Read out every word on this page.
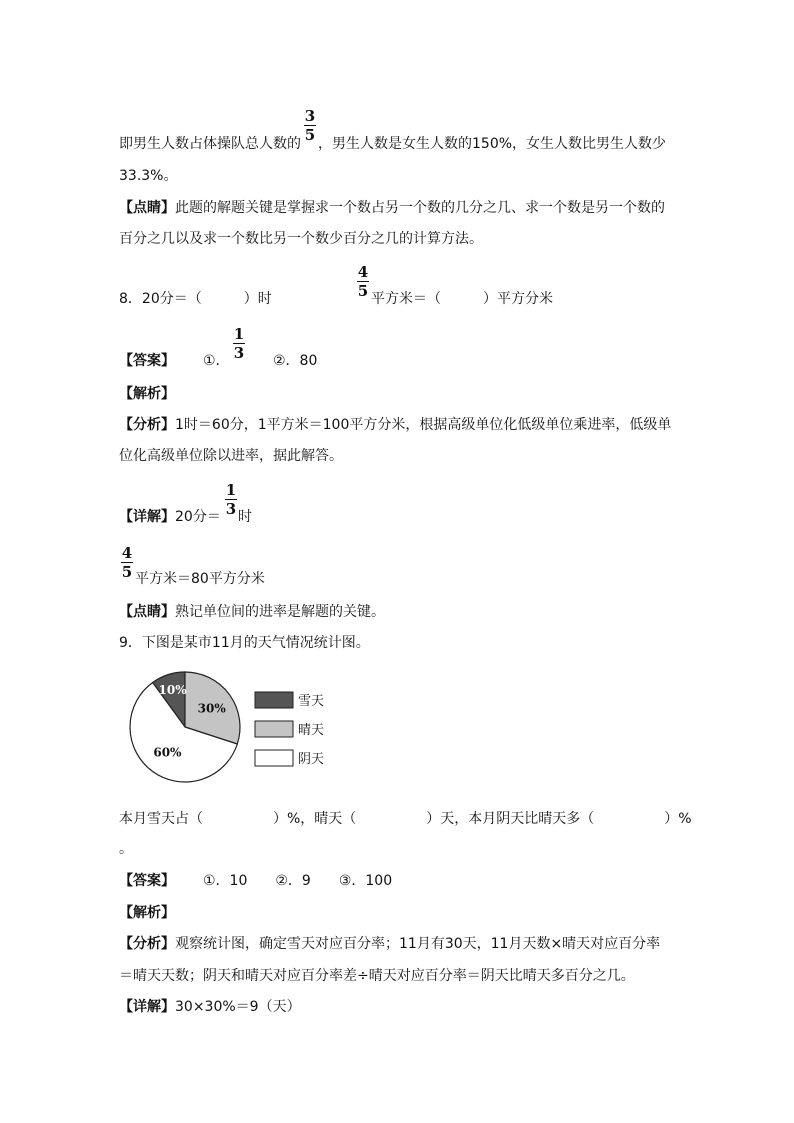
3
5
即男生人数占体操队总人数的 ，男生人数是女生人数的150%，女生人数比男生人数少
33.3%。
【点睛】此题的解题关键是掌握求一个数占另一个数的几分之几、求一个数是另一个数的
百分之几以及求一个数比另一个数少百分之几的计算方法。
8．20分＝（　　　）时
4
5 平方米＝（　　　）平方分米
【答案】 ①．
1
3 ②．80
【解析】
【分析】1时＝60分，1平方米＝100平方分米，根据高级单位化低级单位乘进率，低级单
位化高级单位除以进率，据此解答。
【详解】20分＝
1
3 时
4
5 平方米＝80平方分米
【点睛】熟记单位间的进率是解题的关键。
9．下图是某市11月的天气情况统计图。
10%
30%
60%
雪天
晴天
阴天
本月雪天占（　　　　　）%，晴天（　　　　　）天，本月阴天比晴天多（　　　　　）%
。
【答案】 ①．10　　②．9　　③．100
【解析】
【分析】观察统计图，确定雪天对应百分率；11月有30天，11月天数×晴天对应百分率
＝晴天天数；阴天和晴天对应百分率差÷晴天对应百分率＝阴天比晴天多百分之几。
【详解】30×30%＝9（天）
